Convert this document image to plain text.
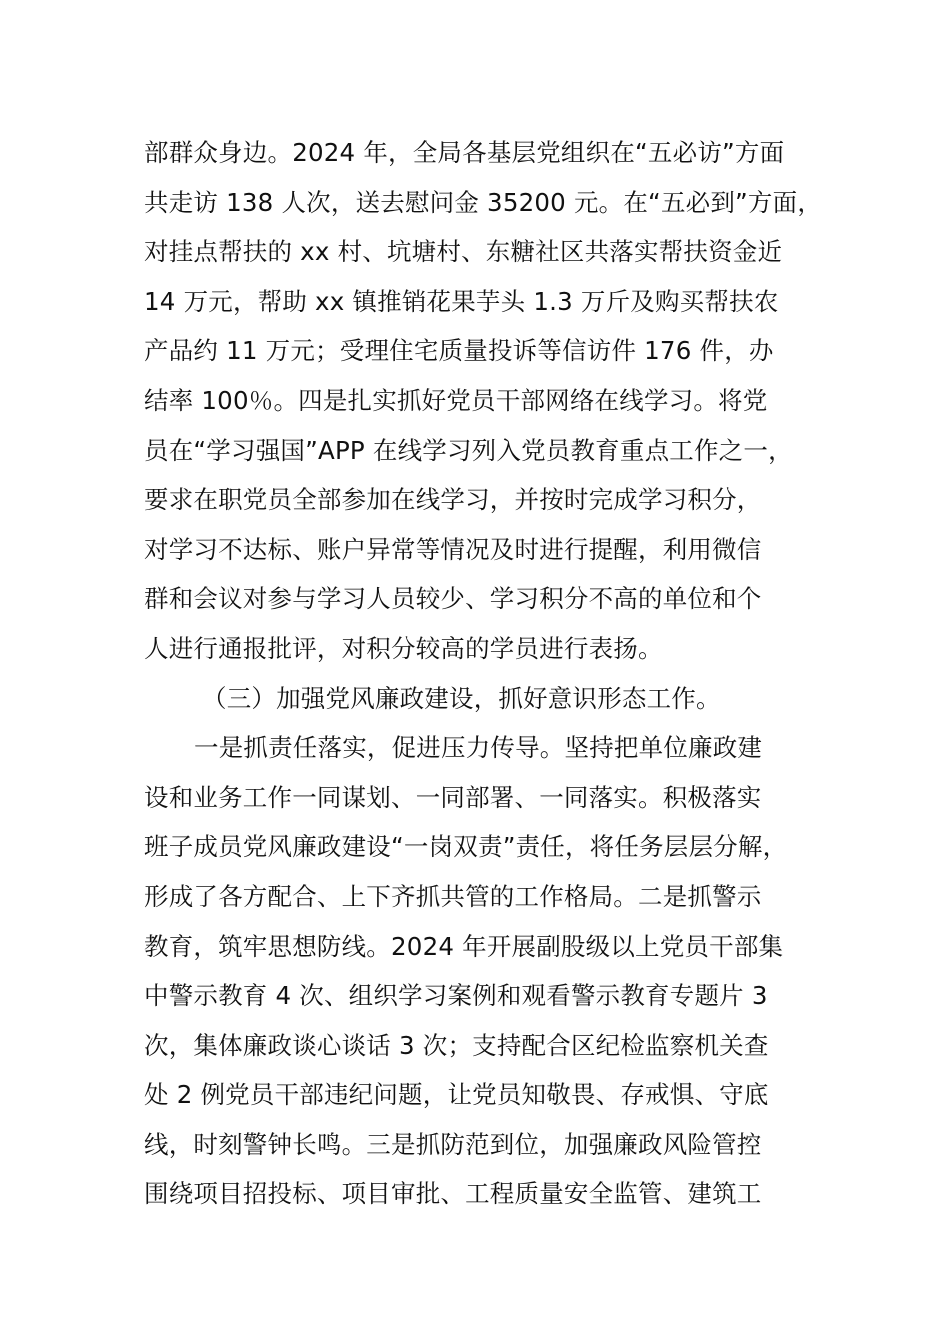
部群众身边。2024 年，全局各基层党组织在“五必访”方面
共走访 138 人次，送去慰问金 35200 元。在“五必到”方面，
对挂点帮扶的 xx 村、坑塘村、东糖社区共落实帮扶资金近
14 万元，帮助 xx 镇推销花果芋头 1.3 万斤及购买帮扶农
产品约 11 万元；受理住宅质量投诉等信访件 176 件，办
结率 100％。四是扎实抓好党员干部网络在线学习。将党
员在“学习强国”APP 在线学习列入党员教育重点工作之一，
要求在职党员全部参加在线学习，并按时完成学习积分，
对学习不达标、账户异常等情况及时进行提醒，利用微信
群和会议对参与学习人员较少、学习积分不高的单位和个
人进行通报批评，对积分较高的学员进行表扬。
（三）加强党风廉政建设，抓好意识形态工作。
一是抓责任落实，促进压力传导。坚持把单位廉政建
设和业务工作一同谋划、一同部署、一同落实。积极落实
班子成员党风廉政建设“一岗双责”责任，将任务层层分解，
形成了各方配合、上下齐抓共管的工作格局。二是抓警示
教育，筑牢思想防线。2024 年开展副股级以上党员干部集
中警示教育 4 次、组织学习案例和观看警示教育专题片 3
次，集体廉政谈心谈话 3 次；支持配合区纪检监察机关查
处 2 例党员干部违纪问题，让党员知敬畏、存戒惧、守底
线，时刻警钟长鸣。三是抓防范到位，加强廉政风险管控
围绕项目招投标、项目审批、工程质量安全监管、建筑工
